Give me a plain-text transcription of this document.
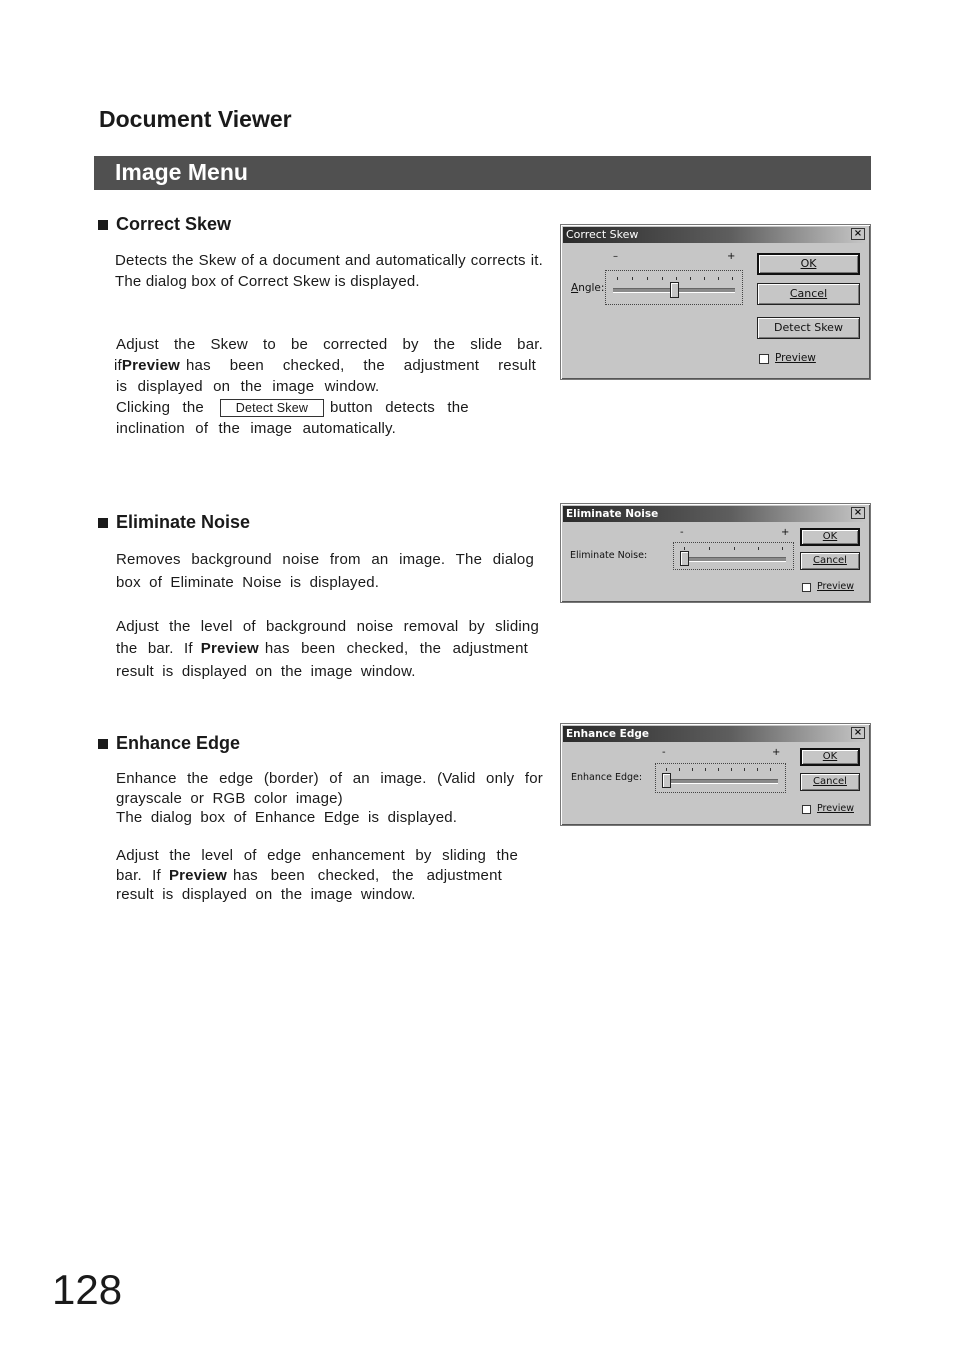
Document Viewer
Image Menu
Correct Skew

Detects the Skew of a document and automatically corrects it. The dialog box of Correct Skew is displayed.

Adjust the Skew to be corrected by the slide bar.

if Preview has been checked, the adjustment result
is displayed on the image window.
Clicking the	Detect Skew	button detects the
inclination of the image automatically.
Correct Skew	×
Angle:
–	+
OK
Cancel
Detect Skew
Preview
Eliminate Noise

Removes background noise from an image. The dialog

box of Eliminate Noise is displayed.

Adjust the level of background noise removal by sliding

the bar. If Preview has been checked, the adjustment
result is displayed on the image window.
Eliminate Noise	×
Eliminate Noise:
-	+	OK
Cancel
Preview
Enhance Edge

Enhance the edge (border) of an image. (Valid only for

grayscale or RGB color image)

The dialog box of Enhance Edge is displayed.

Adjust the level of edge enhancement by sliding the

bar. If Preview has been checked, the adjustment
result is displayed on the image window.
Enhance Edge	×
Enhance Edge:
-	+	OK
Cancel
Preview
128
